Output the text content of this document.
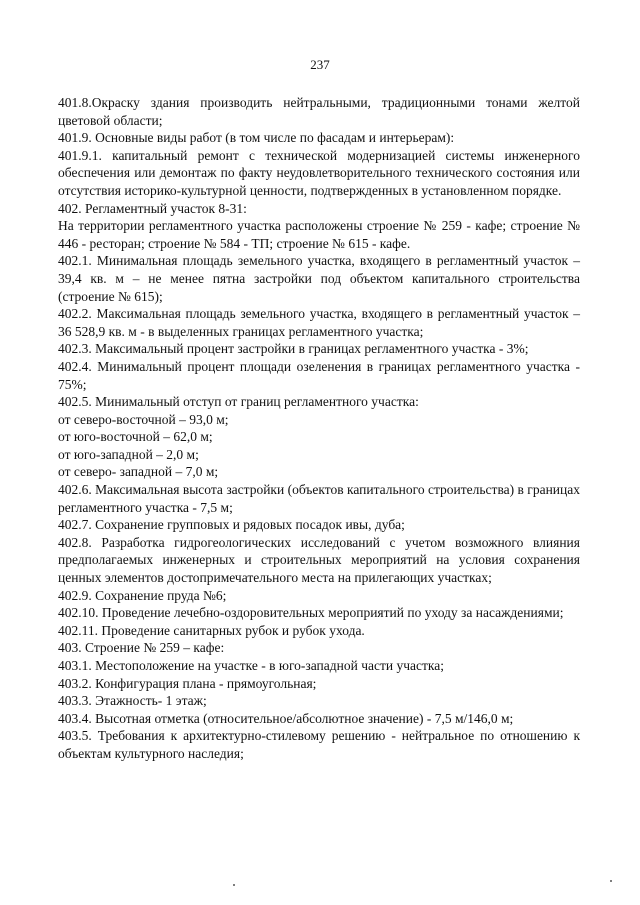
237

401.8.Окраску здания производить нейтральными, традиционными тонами желтой цветовой области;

401.9. Основные виды работ (в том числе по фасадам и интерьерам):

401.9.1. капитальный ремонт с технической модернизацией системы инженерного обеспечения или демонтаж по факту неудовлетворительного технического состояния или отсутствия историко-культурной ценности, подтвержденных в установленном порядке.

402. Регламентный участок 8-31:

На территории регламентного участка расположены строение № 259 - кафе; строение № 446 - ресторан; строение № 584 - ТП; строение № 615 - кафе.

402.1. Минимальная площадь земельного участка, входящего в регламентный участок – 39,4 кв. м – не менее пятна застройки под объектом капитального строительства (строение № 615);

402.2. Максимальная площадь земельного участка, входящего в регламентный участок – 36 528,9 кв. м - в выделенных границах регламентного участка;

402.3. Максимальный процент застройки в границах регламентного участка - 3%;

402.4. Минимальный процент площади озеленения в границах регламентного участка - 75%;

402.5. Минимальный отступ от границ регламентного участка:

от северо-восточной – 93,0 м;

от юго-восточной – 62,0 м;

от юго-западной – 2,0 м;

от северо- западной – 7,0 м;

402.6. Максимальная высота застройки (объектов капитального строительства) в границах регламентного участка - 7,5 м;

402.7. Сохранение групповых и рядовых посадок ивы, дуба;

402.8. Разработка гидрогеологических исследований с учетом возможного влияния предполагаемых инженерных и строительных мероприятий на условия сохранения ценных элементов достопримечательного места на прилегающих участках;

402.9. Сохранение пруда №6;

402.10. Проведение лечебно-оздоровительных мероприятий по уходу за насаждениями;

402.11. Проведение санитарных рубок и рубок ухода.

403. Строение № 259 – кафе:

403.1. Местоположение на участке - в юго-западной части участка;

403.2. Конфигурация плана - прямоугольная;

403.3. Этажность- 1 этаж;

403.4. Высотная отметка (относительное/абсолютное значение) - 7,5 м/146,0 м;

403.5. Требования к архитектурно-стилевому решению - нейтральное по отношению к объектам культурного наследия;
